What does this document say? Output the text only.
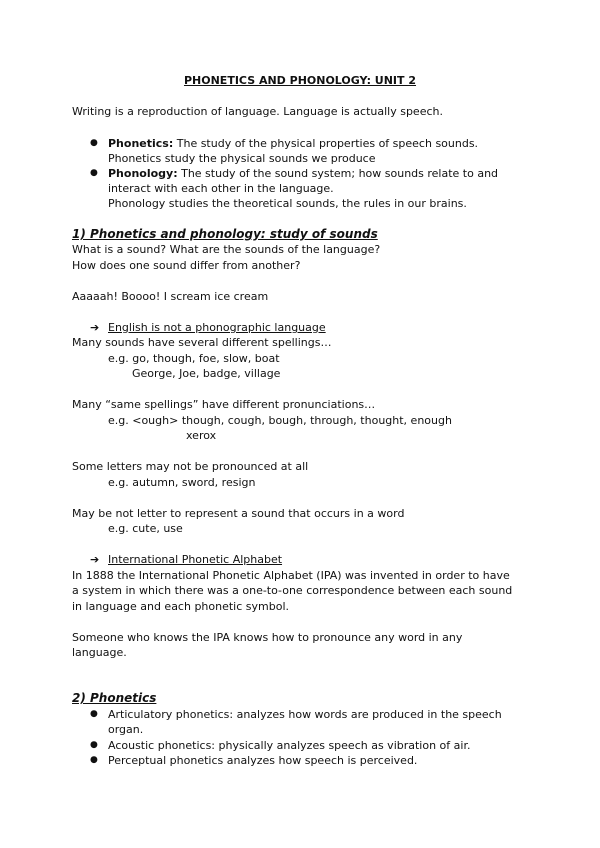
PHONETICS AND PHONOLOGY: UNIT 2
Writing is a reproduction of language. Language is actually speech.
● Phonetics: The study of the physical properties of speech sounds.
Phonetics study the physical sounds we produce
● Phonology: The study of the sound system; how sounds relate to and
interact with each other in the language.
Phonology studies the theoretical sounds, the rules in our brains.
1) Phonetics and phonology: study of sounds
What is a sound? What are the sounds of the language?
How does one sound differ from another?
Aaaaah! Boooo! I scream ice cream
➔ English is not a phonographic language
Many sounds have several different spellings…
e.g. go, though, foe, slow, boat
George, Joe, badge, village
Many “same spellings” have different pronunciations…
e.g. <ough> though, cough, bough, through, thought, enough
xerox
Some letters may not be pronounced at all
e.g. autumn, sword, resign
May be not letter to represent a sound that occurs in a word
e.g. cute, use
➔ International Phonetic Alphabet
In 1888 the International Phonetic Alphabet (IPA) was invented in order to have
a system in which there was a one-to-one correspondence between each sound
in language and each phonetic symbol.
Someone who knows the IPA knows how to pronounce any word in any
language.
2) Phonetics
● Articulatory phonetics: analyzes how words are produced in the speech
organ.
● Acoustic phonetics: physically analyzes speech as vibration of air.
● Perceptual phonetics analyzes how speech is perceived.
